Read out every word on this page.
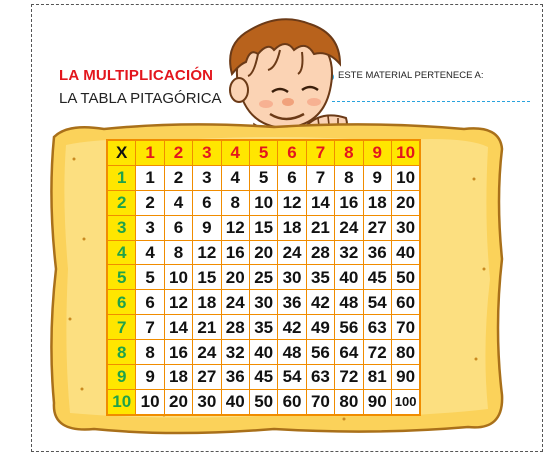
LA MULTIPLICACIÓN
LA TABLA PITAGÓRICA
ESTE MATERIAL PERTENECE A:
X	1	2	3	4	5	6	7	8	9	10
1	1	2	3	4	5	6	7	8	9	10
2	2	4	6	8	10	12	14	16	18	20
3	3	6	9	12	15	18	21	24	27	30
4	4	8	12	16	20	24	28	32	36	40
5	5	10	15	20	25	30	35	40	45	50
6	6	12	18	24	30	36	42	48	54	60
7	7	14	21	28	35	42	49	56	63	70
8	8	16	24	32	40	48	56	64	72	80
9	9	18	27	36	45	54	63	72	81	90
10	10	20	30	40	50	60	70	80	90	100
